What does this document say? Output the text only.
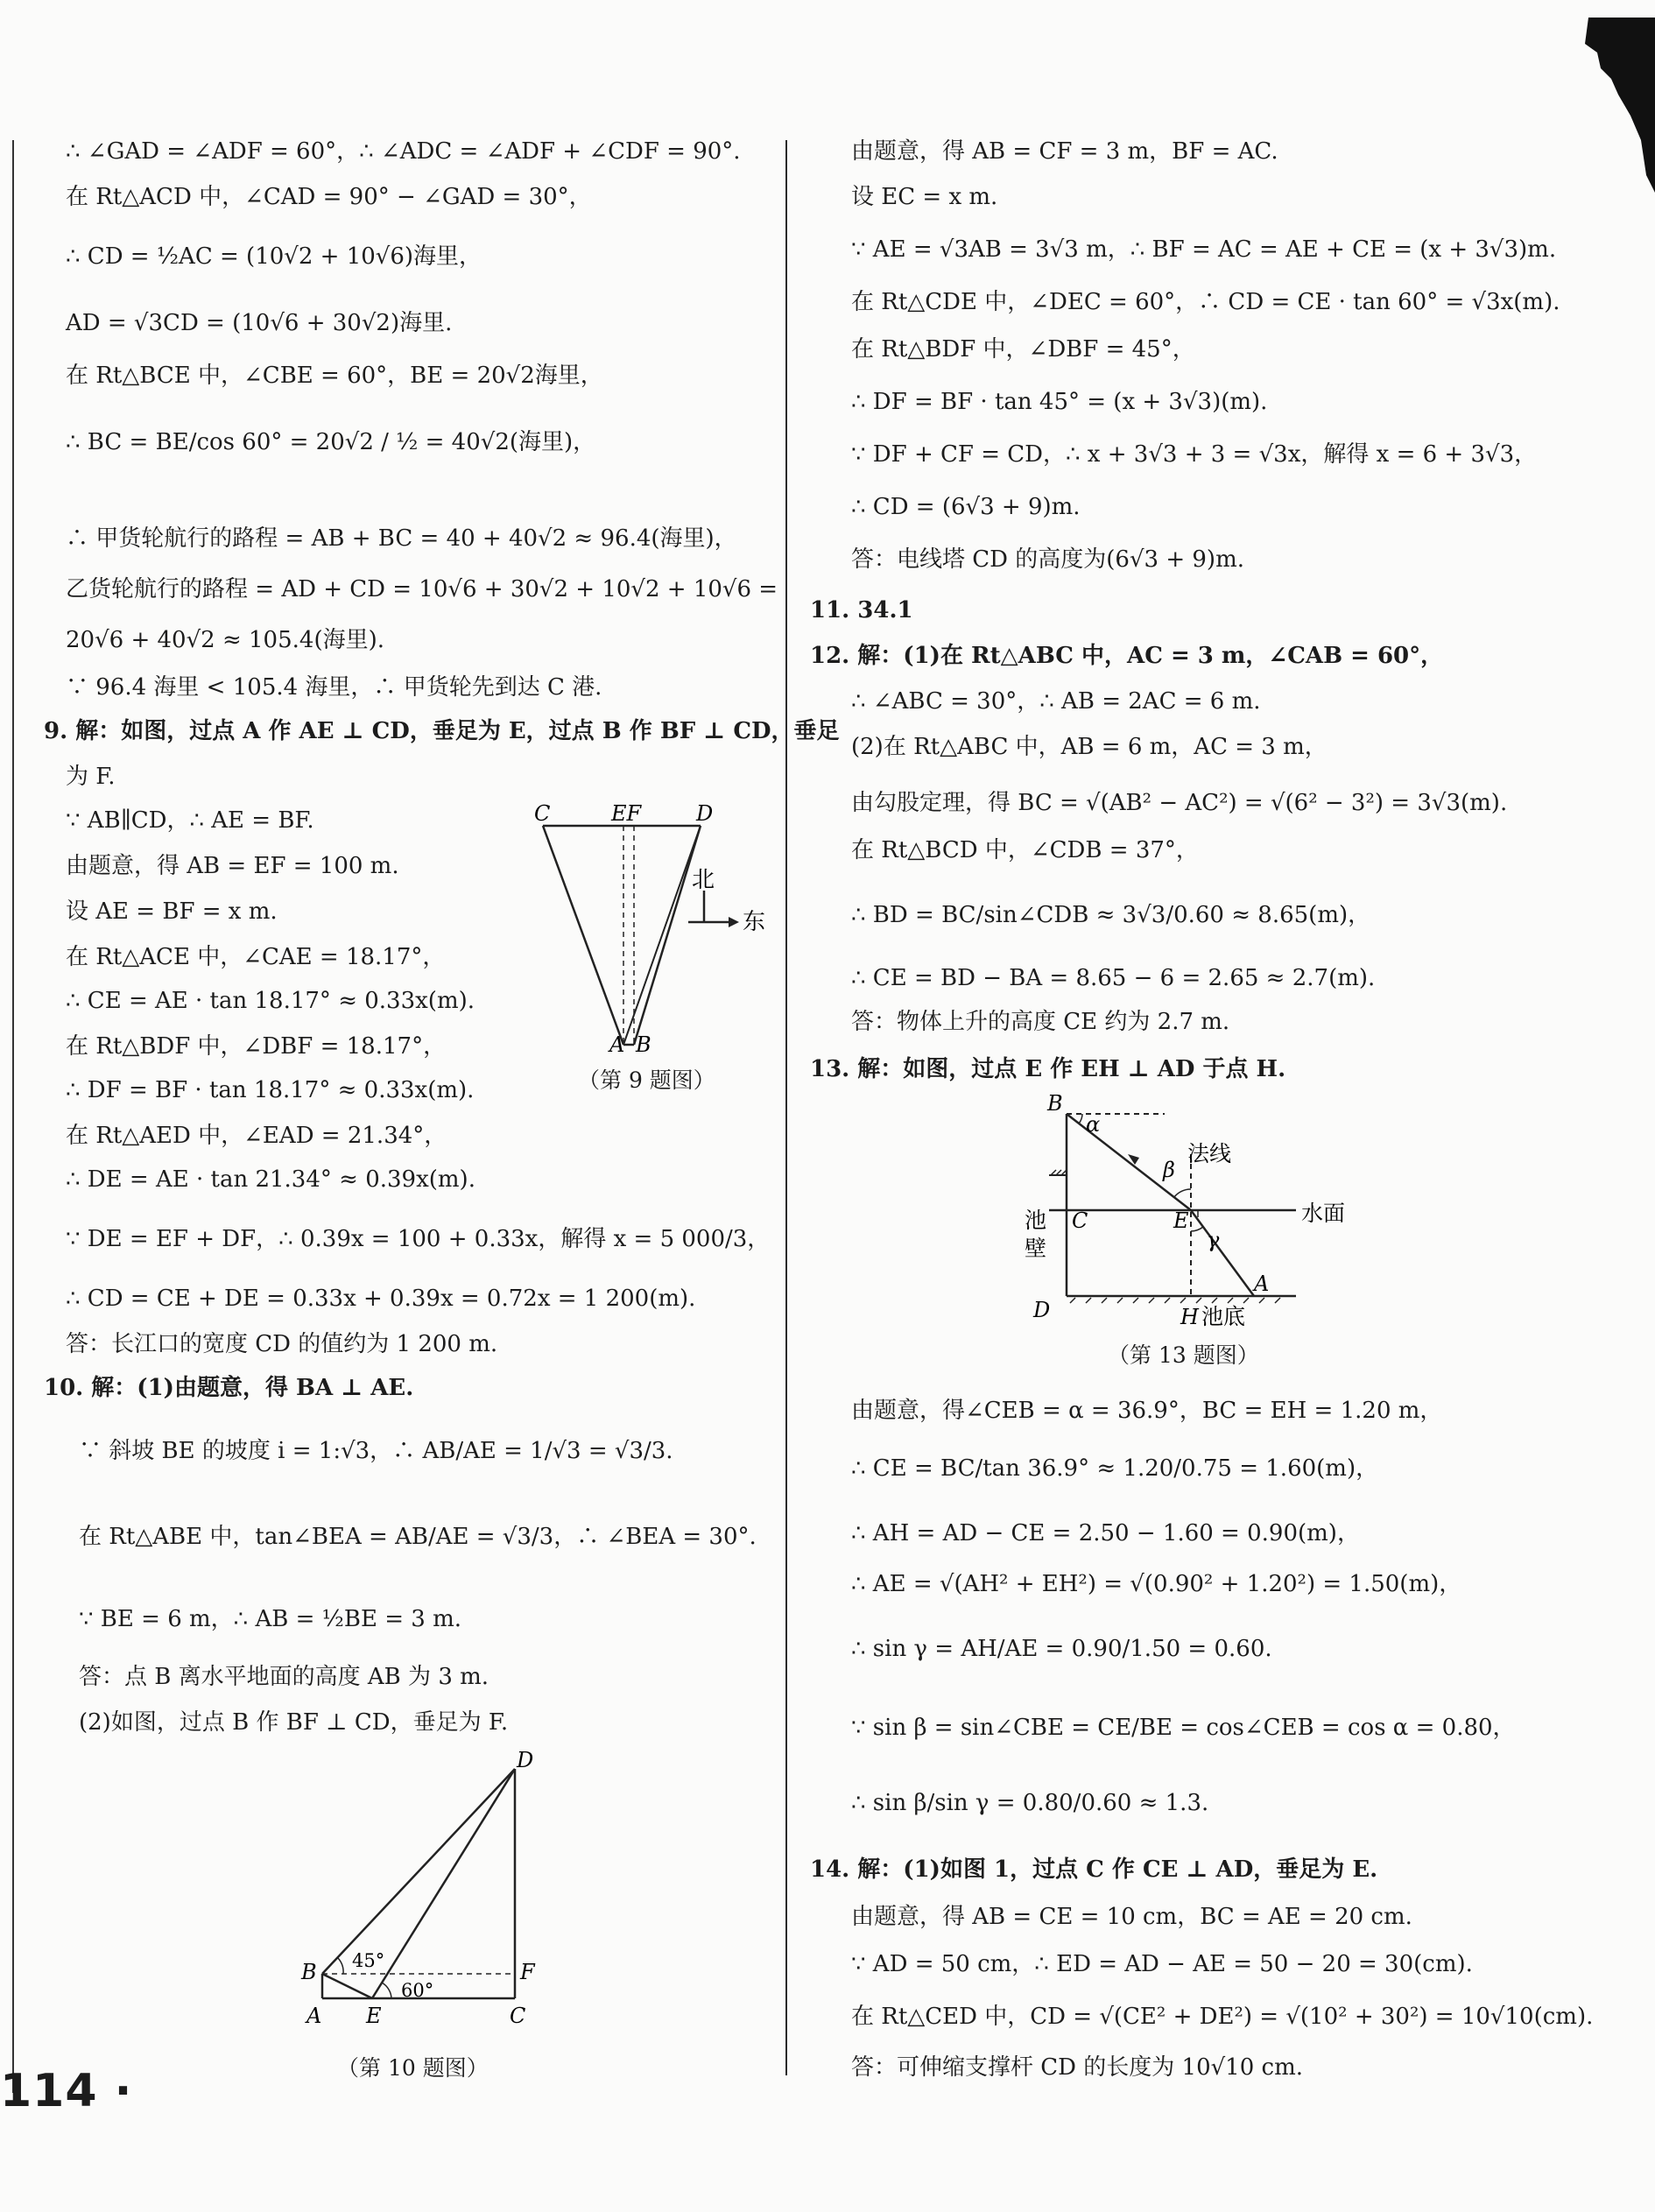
∴ ∠GAD = ∠ADF = 60°，∴ ∠ADC = ∠ADF + ∠CDF = 90°.
在 Rt△ACD 中，∠CAD = 90° − ∠GAD = 30°，
∴ CD = ½AC = (10√2 + 10√6)海里，
AD = √3CD = (10√6 + 30√2)海里.
在 Rt△BCE 中，∠CBE = 60°，BE = 20√2海里，
∴ BC = BE/cos 60° = 20√2 / ½ = 40√2(海里)，
∴ 甲货轮航行的路程 = AB + BC = 40 + 40√2 ≈ 96.4(海里)，
乙货轮航行的路程 = AD + CD = 10√6 + 30√2 + 10√2 + 10√6 =
20√6 + 40√2 ≈ 105.4(海里).
∵ 96.4 海里 < 105.4 海里，∴ 甲货轮先到达 C 港.
9. 解：如图，过点 A 作 AE ⊥ CD，垂足为 E，过点 B 作 BF ⊥ CD，垂足
为 F.
∵ AB∥CD，∴ AE = BF.
由题意，得 AB = EF = 100 m.
设 AE = BF = x m.
在 Rt△ACE 中，∠CAE = 18.17°，
∴ CE = AE · tan 18.17° ≈ 0.33x(m).
在 Rt△BDF 中，∠DBF = 18.17°，
∴ DF = BF · tan 18.17° ≈ 0.33x(m).
在 Rt△AED 中，∠EAD = 21.34°，
∴ DE = AE · tan 21.34° ≈ 0.39x(m).
∵ DE = EF + DF，∴ 0.39x = 100 + 0.33x，解得 x = 5 000/3，
∴ CD = CE + DE = 0.33x + 0.39x = 0.72x = 1 200(m).
答：长江口的宽度 CD 的值约为 1 200 m.
10. 解：(1)由题意，得 BA ⊥ AE.
∵ 斜坡 BE 的坡度 i = 1:√3，∴ AB/AE = 1/√3 = √3/3.
在 Rt△ABE 中，tan∠BEA = AB/AE = √3/3，∴ ∠BEA = 30°.
∵ BE = 6 m，∴ AB = ½BE = 3 m.
答：点 B 离水平地面的高度 AB 为 3 m.
(2)如图，过点 B 作 BF ⊥ CD，垂足为 F.
C	EF	D
A B
北
东
（第 9 题图）
D
B	F
A E	C
45°
60°
（第 10 题图）
由题意，得 AB = CF = 3 m，BF = AC.
设 EC = x m.
∵ AE = √3AB = 3√3 m，∴ BF = AC = AE + CE = (x + 3√3)m.
在 Rt△CDE 中，∠DEC = 60°，∴ CD = CE · tan 60° = √3x(m).
在 Rt△BDF 中，∠DBF = 45°，
∴ DF = BF · tan 45° = (x + 3√3)(m).
∵ DF + CF = CD，∴ x + 3√3 + 3 = √3x，解得 x = 6 + 3√3，
∴ CD = (6√3 + 9)m.
答：电线塔 CD 的高度为(6√3 + 9)m.
11. 34.1
12. 解：(1)在 Rt△ABC 中，AC = 3 m，∠CAB = 60°，
∴ ∠ABC = 30°，∴ AB = 2AC = 6 m.
(2)在 Rt△ABC 中，AB = 6 m，AC = 3 m，
由勾股定理，得 BC = √(AB² − AC²) = √(6² − 3²) = 3√3(m).
在 Rt△BCD 中，∠CDB = 37°，
∴ BD = BC/sin∠CDB ≈ 3√3/0.60 ≈ 8.65(m)，
∴ CE = BD − BA = 8.65 − 6 = 2.65 ≈ 2.7(m).
答：物体上升的高度 CE 约为 2.7 m.
13. 解：如图，过点 E 作 EH ⊥ AD 于点 H.
由题意，得∠CEB = α = 36.9°，BC = EH = 1.20 m，
∴ CE = BC/tan 36.9° ≈ 1.20/0.75 = 1.60(m)，
∴ AH = AD − CE = 2.50 − 1.60 = 0.90(m)，
∴ AE = √(AH² + EH²) = √(0.90² + 1.20²) = 1.50(m)，
∴ sin γ = AH/AE = 0.90/1.50 = 0.60.
∵ sin β = sin∠CBE = CE/BE = cos∠CEB = cos α = 0.80，
∴ sin β/sin γ = 0.80/0.60 ≈ 1.3.
14. 解：(1)如图 1，过点 C 作 CE ⊥ AD，垂足为 E.
由题意，得 AB = CE = 10 cm，BC = AE = 20 cm.
∵ AD = 50 cm，∴ ED = AD − AE = 50 − 20 = 30(cm).
在 Rt△CED 中，CD = √(CE² + DE²) = √(10² + 30²) = 10√10(cm).
答：可伸缩支撑杆 CD 的长度为 10√10 cm.
B
α
β
法线
水面
池
壁
C	E
γ
D	H 池底
A
（第 13 题图）
114 ·
